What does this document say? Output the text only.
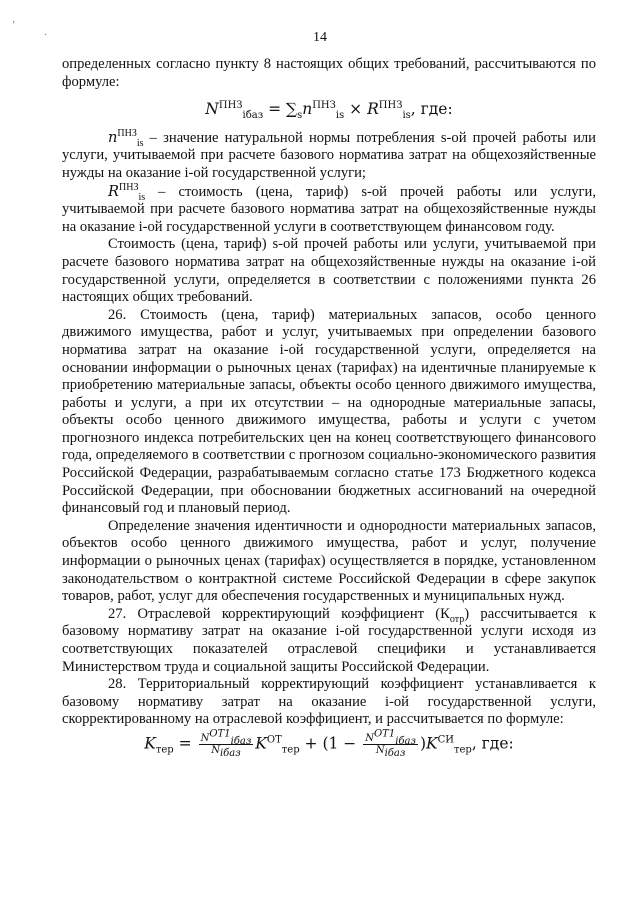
ʼ
·	14

определенных согласно пункту 8 настоящих общих требований, рассчитываются по формуле:

$N^{ПНЗ}_{iбаз} = \sum_sn^{ПНЗ}_{is} \times R^{ПНЗ}_{is}$, где:

$n^{ПНЗ}_{is}$ – значение натуральной нормы потребления s-ой прочей работы или услуги, учитываемой при расчете базового норматива затрат на общехозяйственные нужды на оказание i-ой государственной услуги;

$R^{ПНЗ}_{is}$ – стоимость (цена, тариф) s-ой прочей работы или услуги, учитываемой при расчете базового норматива затрат на общехозяйственные нужды на оказание i-ой государственной услуги в соответствующем финансовом году.

Стоимость (цена, тариф) s-ой прочей работы или услуги, учитываемой при расчете базового норматива затрат на общехозяйственные нужды на оказание i-ой государственной услуги, определяется в соответствии с положениями пункта 26 настоящих общих требований.

26. Стоимость (цена, тариф) материальных запасов, особо ценного движимого имущества, работ и услуг, учитываемых при определении базового норматива затрат на оказание i-ой государственной услуги, определяется на основании информации о рыночных ценах (тарифах) на идентичные планируемые к приобретению материальные запасы, объекты особо ценного движимого имущества, работы и услуги, а при их отсутствии – на однородные материальные запасы, объекты особо ценного движимого имущества, работы и услуги с учетом прогнозного индекса потребительских цен на конец соответствующего финансового года, определяемого в соответствии с прогнозом социально-экономического развития Российской Федерации, разрабатываемым согласно статье 173 Бюджетного кодекса Российской Федерации, при обосновании бюджетных ассигнований на очередной финансовый год и плановый период.

Определение значения идентичности и однородности материальных запасов, объектов особо ценного движимого имущества, работ и услуг, получение информации о рыночных ценах (тарифах) осуществляется в порядке, установленном законодательством о контрактной системе Российской Федерации в сфере закупок товаров, работ, услуг для обеспечения государственных и муниципальных нужд.

27. Отраслевой корректирующий коэффициент $(К_{отр})$ рассчитывается к базовому нормативу затрат на оказание i-ой государственной услуги исходя из соответствующих показателей отраслевой специфики и устанавливается Министерством труда и социальной защиты Российской Федерации.

28. Территориальный корректирующий коэффициент устанавливается к базовому нормативу затрат на оказание i-ой государственной услуги, скорректированному на отраслевой коэффициент, и рассчитывается по формуле:

$K_{тер} = \frac{N^{ОТ1}_{iбаз}}{N_{iбаз}} K^{ОТ}_{тер} + (1 - \frac{N^{ОТ1}_{iбаз}}{N_{iбаз}} )K^{СИ}_{тер}$, где:
